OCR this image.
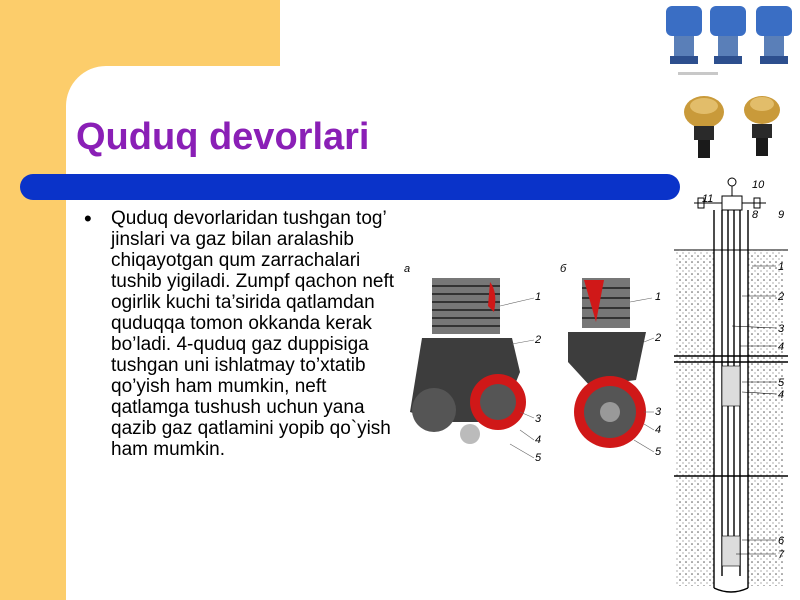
Quduq devorlari
• Quduq devorlaridan tushgan tog’ jinslari va gaz bilan aralashib chiqayotgan qum zarrachalari tushib yigiladi. Zumpf qachon neft ogirlik kuchi ta’sirida qatlamdan quduqqa tomon okkanda kerak bo’ladi. 4-quduq gaz duppisiga tushgan uni ishlatmay to’xtatib qo’yish ham mumkin, neft qatlamga tushush uchun yana qazib gaz qatlamini yopib qo`yish ham mumkin.

а	б
1
2
3
4
5
1
2
3
4
5
10
11
8 9
1
2
3
4
5
4
6
7
